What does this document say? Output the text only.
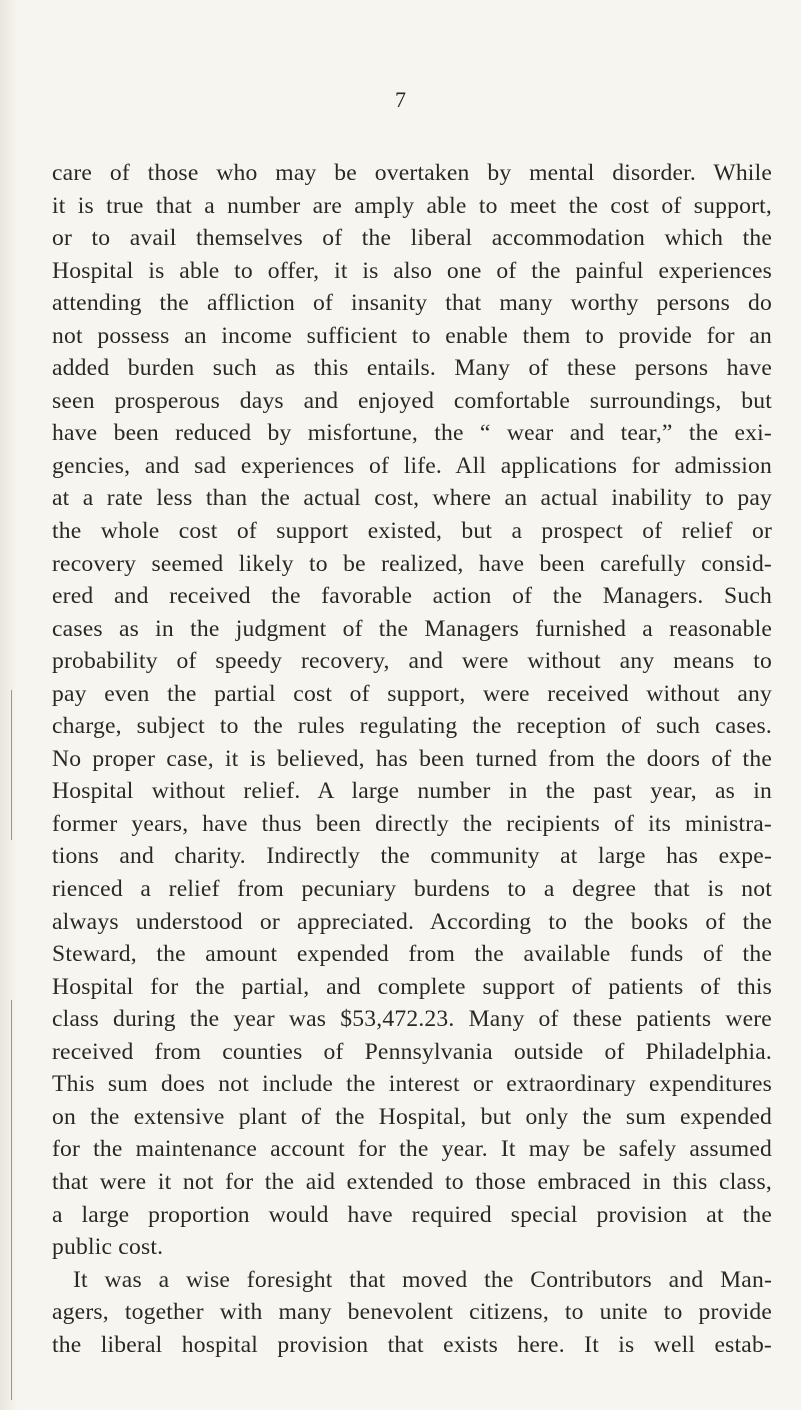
7
care of those who may be overtaken by mental disorder. While
it is true that a number are amply able to meet the cost of support,
or to avail themselves of the liberal accommodation which the
Hospital is able to offer, it is also one of the painful experiences
attending the affliction of insanity that many worthy persons do
not possess an income sufficient to enable them to provide for an
added burden such as this entails. Many of these persons have
seen prosperous days and enjoyed comfortable surroundings, but
have been reduced by misfortune, the “ wear and tear,” the exi-
gencies, and sad experiences of life. All applications for admission
at a rate less than the actual cost, where an actual inability to pay
the whole cost of support existed, but a prospect of relief or
recovery seemed likely to be realized, have been carefully consid-
ered and received the favorable action of the Managers. Such
cases as in the judgment of the Managers furnished a reasonable
probability of speedy recovery, and were without any means to
pay even the partial cost of support, were received without any
charge, subject to the rules regulating the reception of such cases.
No proper case, it is believed, has been turned from the doors of the
Hospital without relief. A large number in the past year, as in
former years, have thus been directly the recipients of its ministra-
tions and charity. Indirectly the community at large has expe-
rienced a relief from pecuniary burdens to a degree that is not
always understood or appreciated. According to the books of the
Steward, the amount expended from the available funds of the
Hospital for the partial, and complete support of patients of this
class during the year was $53,472.23. Many of these patients were
received from counties of Pennsylvania outside of Philadelphia.
This sum does not include the interest or extraordinary expenditures
on the extensive plant of the Hospital, but only the sum expended
for the maintenance account for the year. It may be safely assumed
that were it not for the aid extended to those embraced in this class,
a large proportion would have required special provision at the
public cost.
It was a wise foresight that moved the Contributors and Man-
agers, together with many benevolent citizens, to unite to provide
the liberal hospital provision that exists here. It is well estab-
